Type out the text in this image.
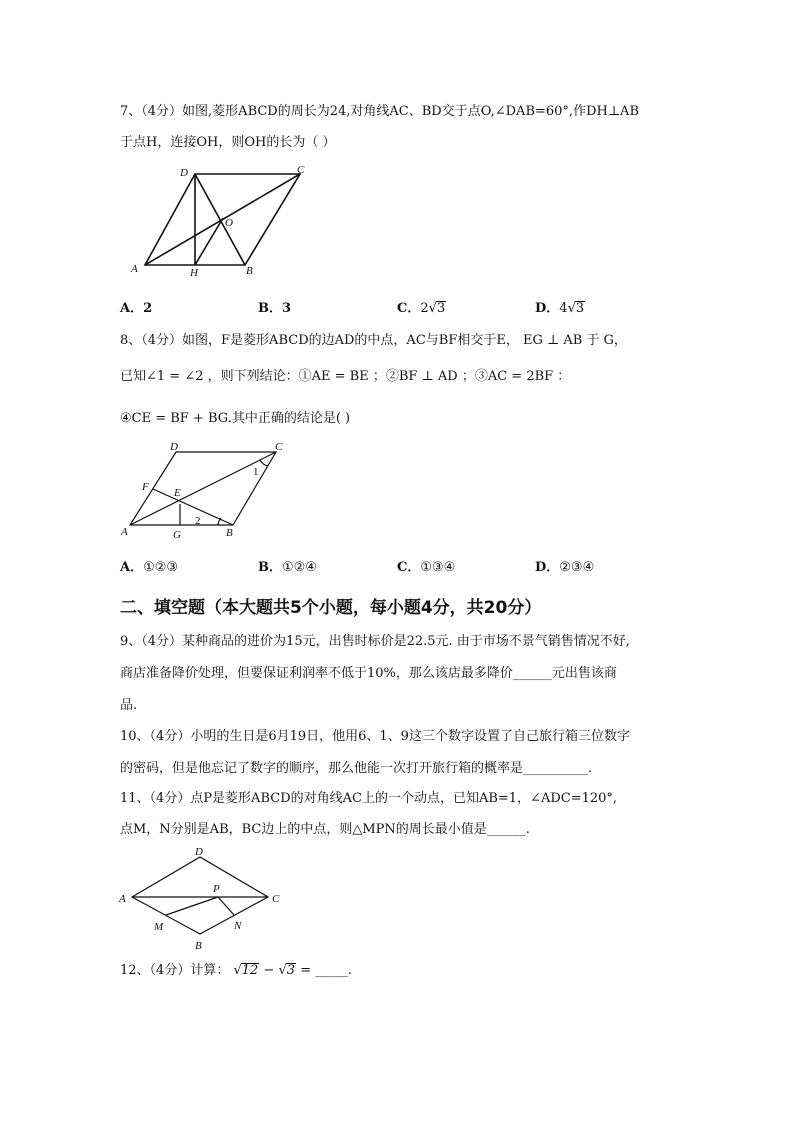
7、（4分）如图,菱形ABCD的周长为24,对角线AC、BD交于点O,∠DAB=60°,作DH⊥AB
于点H，连接OH，则OH的长为（ ）
A	B
C
D
H
O
A．2	B．3	C．2√3	D．4√3
8、（4分）如图，F是菱形ABCD的边AD的中点，AC与BF相交于E， EG ⊥ AB 于 G，
已知∠1 = ∠2 ，则下列结论：①AE = BE ；②BF ⊥ AD ；③AC = 2BF ：
④CE = BF + BG.其中正确的结论是( )
A	B
C
D
E
F
G
1
2
A．①②③	B．①②④	C．①③④	D．②③④
二、填空题（本大题共5个小题，每小题4分，共20分）
9、（4分）某种商品的进价为15元，出售时标价是22.5元. 由于市场不景气销售情况不好,
商店准备降价处理，但要保证利润率不低于10%，那么该店最多降价______元出售该商
品.
10、（4分）小明的生日是6月19日，他用6、1、9这三个数字设置了自己旅行箱三位数字
的密码，但是他忘记了数字的顺序，那么他能一次打开旅行箱的概率是__________.
11、（4分）点P是菱形ABCD的对角线AC上的一个动点，已知AB=1，∠ADC=120°,
点M，N分别是AB，BC边上的中点，则△MPN的周长最小值是______.
A
B
C
D
P
M	N
12、（4分）计算： √12 − √3 = _____.
